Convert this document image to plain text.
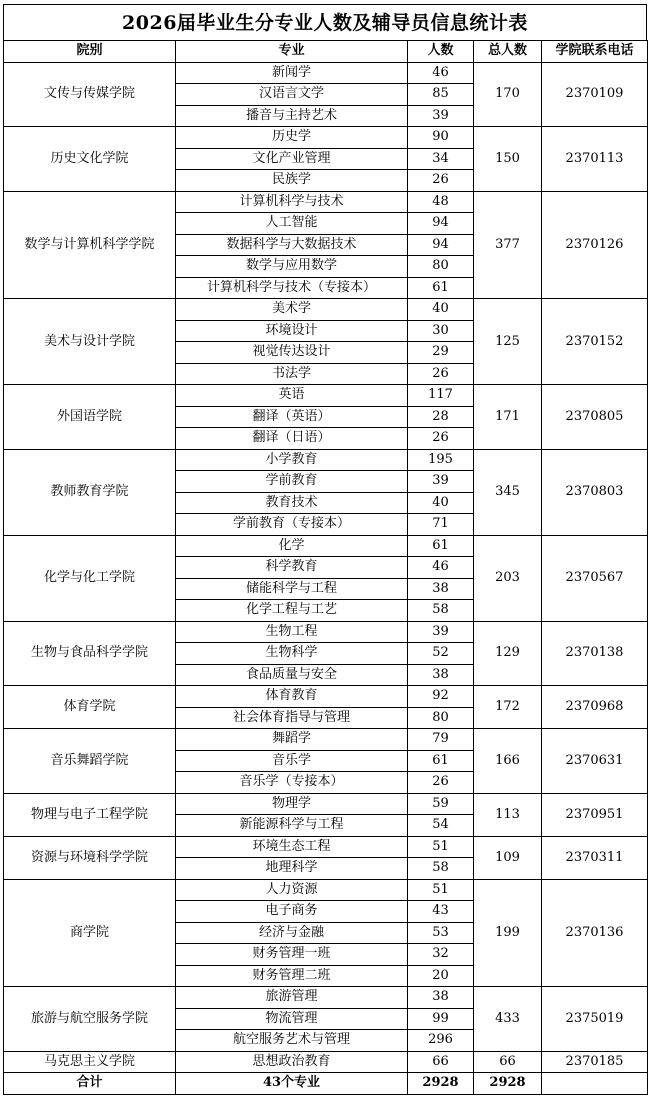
2026届毕业生分专业人数及辅导员信息统计表
院别	专业	人数	总人数	学院联系电话
文传与传媒学院	新闻学	46	170	2370109
	汉语言文学	85		
	播音与主持艺术	39		
历史文化学院	历史学	90	150	2370113
	文化产业管理	34		
	民族学	26		
数学与计算机科学学院	计算机科学与技术	48	377	2370126
	人工智能	94		
	数据科学与大数据技术	94		
	数学与应用数学	80		
	计算机科学与技术（专接本）	61		
美术与设计学院	美术学	40	125	2370152
	环境设计	30		
	视觉传达设计	29		
	书法学	26		
外国语学院	英语	117	171	2370805
	翻译（英语）	28		
	翻译（日语）	26		
教师教育学院	小学教育	195	345	2370803
	学前教育	39		
	教育技术	40		
	学前教育（专接本）	71		
化学与化工学院	化学	61	203	2370567
	科学教育	46		
	储能科学与工程	38		
	化学工程与工艺	58		
生物与食品科学学院	生物工程	39	129	2370138
	生物科学	52		
	食品质量与安全	38		
体育学院	体育教育	92	172	2370968
	社会体育指导与管理	80		
音乐舞蹈学院	舞蹈学	79	166	2370631
	音乐学	61		
	音乐学（专接本）	26		
物理与电子工程学院	物理学	59	113	2370951
	新能源科学与工程	54		
资源与环境科学学院	环境生态工程	51	109	2370311
	地理科学	58		
商学院	人力资源	51	199	2370136
	电子商务	43		
	经济与金融	53		
	财务管理一班	32		
	财务管理二班	20		
旅游与航空服务学院	旅游管理	38	433	2375019
	物流管理	99		
	航空服务艺术与管理	296		
马克思主义学院	思想政治教育	66	66	2370185
合计	43个专业	2928	2928	
